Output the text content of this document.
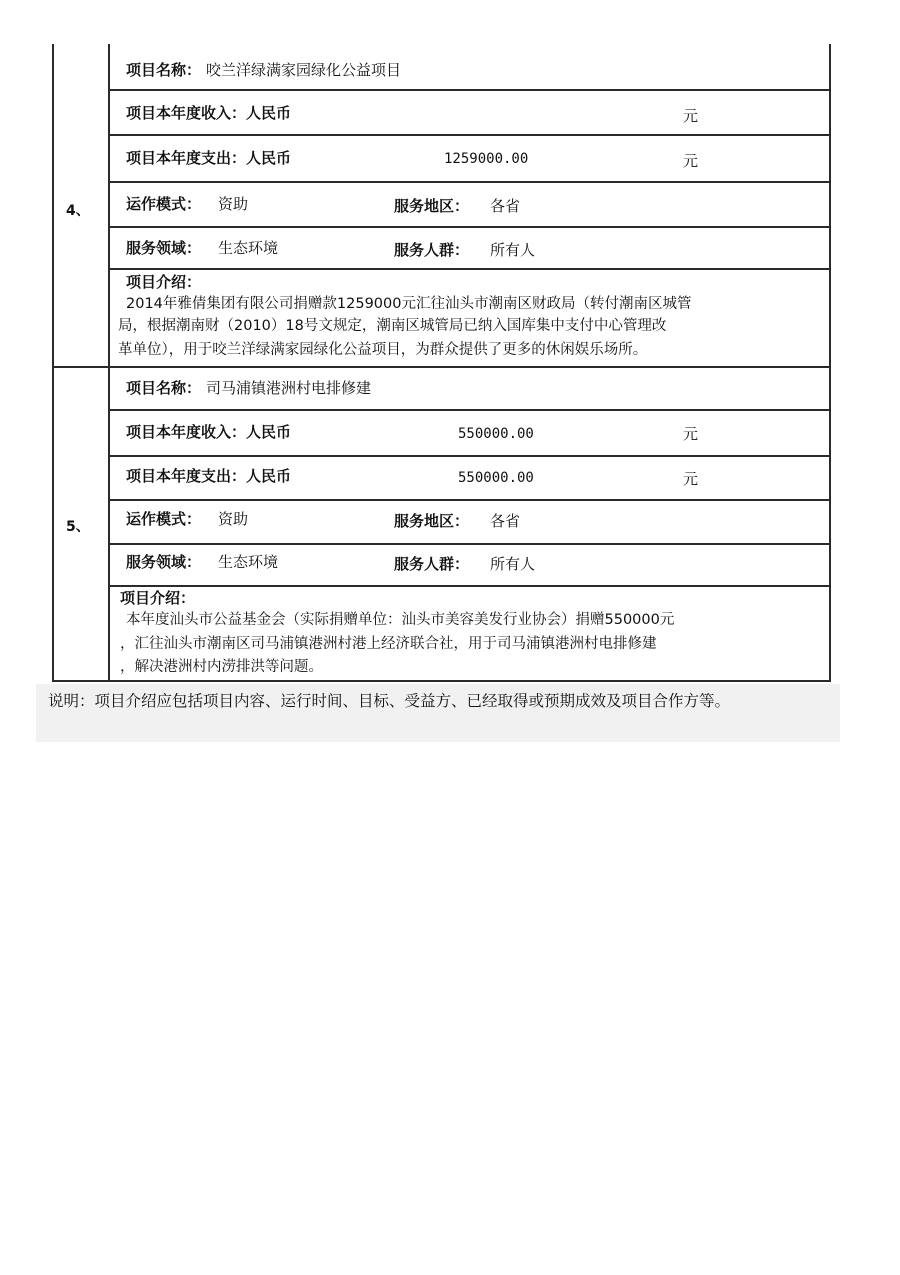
4、
项目名称： 咬兰洋绿满家园绿化公益项目
项目本年度收入：人民币	元
项目本年度支出：人民币	1259000.00	元
运作模式： 资助	服务地区： 各省
服务领域： 生态环境	服务人群： 所有人
项目介绍：
2014年雅倩集团有限公司捐赠款1259000元汇往汕头市潮南区财政局（转付潮南区城管
局，根据潮南财（2010）18号文规定，潮南区城管局已纳入国库集中支付中心管理改
革单位），用于咬兰洋绿满家园绿化公益项目，为群众提供了更多的休闲娱乐场所。
5、
项目名称： 司马浦镇港洲村电排修建
项目本年度收入：人民币	550000.00	元
项目本年度支出：人民币	550000.00	元
运作模式： 资助	服务地区： 各省
服务领域： 生态环境	服务人群： 所有人
项目介绍：
本年度汕头市公益基金会（实际捐赠单位：汕头市美容美发行业协会）捐赠550000元
，汇往汕头市潮南区司马浦镇港洲村港上经济联合社，用于司马浦镇港洲村电排修建
，解决港洲村内涝排洪等问题。
说明：项目介绍应包括项目内容、运行时间、目标、受益方、已经取得或预期成效及项目合作方等。
